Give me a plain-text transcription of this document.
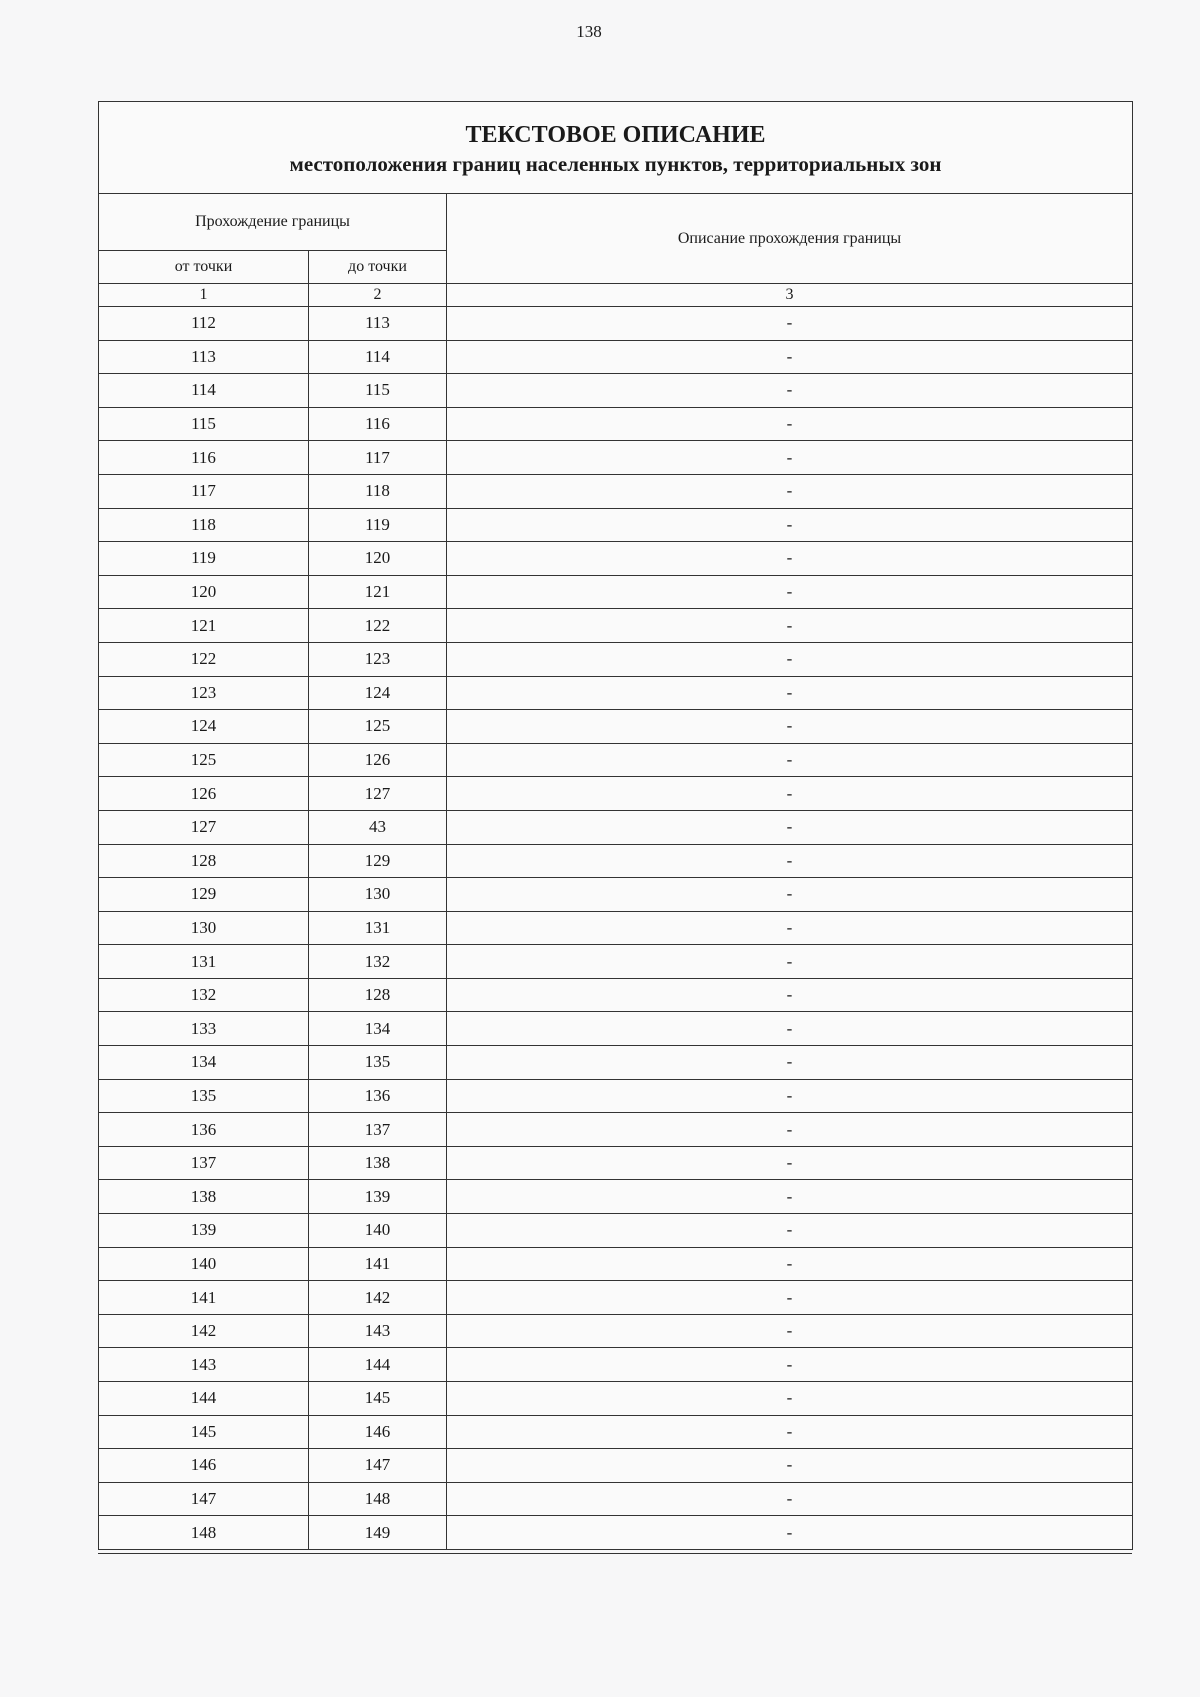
138
ТЕКСТОВОЕ ОПИСАНИЕ
местоположения границ населенных пунктов, территориальных зон		

Прохождение границы		Описание прохождения границы
от точки	до точки	
1	2	3
112	113	-
113	114	-
114	115	-
115	116	-
116	117	-
117	118	-
118	119	-
119	120	-
120	121	-
121	122	-
122	123	-
123	124	-
124	125	-
125	126	-
126	127	-
127	43	-
128	129	-
129	130	-
130	131	-
131	132	-
132	128	-
133	134	-
134	135	-
135	136	-
136	137	-
137	138	-
138	139	-
139	140	-
140	141	-
141	142	-
142	143	-
143	144	-
144	145	-
145	146	-
146	147	-
147	148	-
148	149	-
